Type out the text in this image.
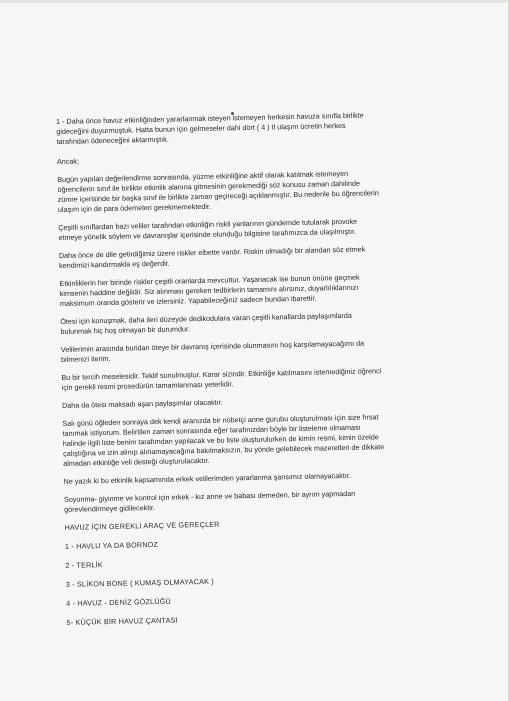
1 - Daha önce havuz etkinliğinden yararlanmak isteyen istemeyen herkesin havuza sınıfla birlikte
gideceğini duyurmuştuk. Hatta bunun için gelmeseler dahi dört ( 4 ) tl ulaşım ücretin herkes
tarafından ödeneceğini aktarmıştık.

Ancak;

Bugün yapılan değerlendirme sonrasında, yüzme etkinliğine aktif olarak katılmak istemeyen
öğrencilerin sınıf ile birlikte etkinlik alanına gitmesinin gerekmediği söz konusu zaman dahilinde
zümre içerisinde bir başka sınıf ile birlikte zaman geçireceği açıklanmıştır. Bu nedenle bu öğrencilerin
ulaşım için de para ödemeleri gerekmemektedir.

Çeşitli sınıflardan bazı veliler tarafından etkinliğin riskli yanlarının gündemde tutularak provoke
etmeye yönelik söylem ve davranışlar içerisinde olunduğu bilgisine tarafımızca da ulaşılmıştır.

Daha önce de dile getirdiğimiz üzere riskler elbette vardır. Riskin olmadığı bir alandan söz etmek
kendimizi kandırmakla eş değerdir.

Etkinliklerin her birinde riskler çeşitli oranlarda mevcuttur. Yaşanacak ise bunun önüne geçmek
kimsenin haddine değildir. Siz alınması gereken tedbirlerin tamamını alırsınız, duyarlılıklarınızı
maksimum oranda gösterir ve izlersiniz. Yapabileceğiniz sadece bundan ibarettir.

Ötesi için konuşmak, daha ileri düzeyde dedikodulara varan çeşitli kanallarda paylaşımlarda
bulunmak hiç hoş olmayan bir durumdur.

Velilerimin arasında bundan öteye bir davranış içerisinde olunmasını hoş karşılamayacağımı da
bilmenizi iterim.

Bu bir tercih meselesidir. Teklif sunulmuştur. Karar sizindir. Etkinliğe katılmasını istemediğiniz öğrenci
için gerekli resmi prosedürün tamamlanması yeterlidir.

Daha da ötesi maksadı aşan paylaşımlar olacaktır.

Salı günü öğleden sonraya dek kendi aranızda bir nöbetçi anne gurubu oluşturulması için size fırsat
tanımak istiyorum. Belirtilen zaman sonrasında eğer tarafınızdan böyle bir listeleme olmaması
halinde ilgili liste benim tarafımdan yapılacak ve bu liste oluşturulurken de kimin resmi, kimin özelde
çalıştığına ve izin alınıp alınamayacağına bakılmaksızın, bu yönde gelebilecek mazeretleri de dikkate
almadan etkinliğe veli desteği oluşturulacaktır.

Ne yazık ki bu etkinlik kapsamında erkek velilerimden yararlanma şansımız olamayacaktır.

Soyunma- giyinme ve kontrol için erkek - kız anne ve babası demeden, bir ayrım yapmadan
görevlendirmeye gidilecektir.

HAVUZ İÇİN GEREKLİ ARAÇ VE GEREÇLER

1 - HAVLU YA DA BORNOZ

2 - TERLİK

3 - SLİKON BONE ( KUMAŞ OLMAYACAK )

4 - HAVUZ - DENİZ GÖZLÜĞÜ

5- KÜÇÜK BİR HAVUZ ÇANTASI
